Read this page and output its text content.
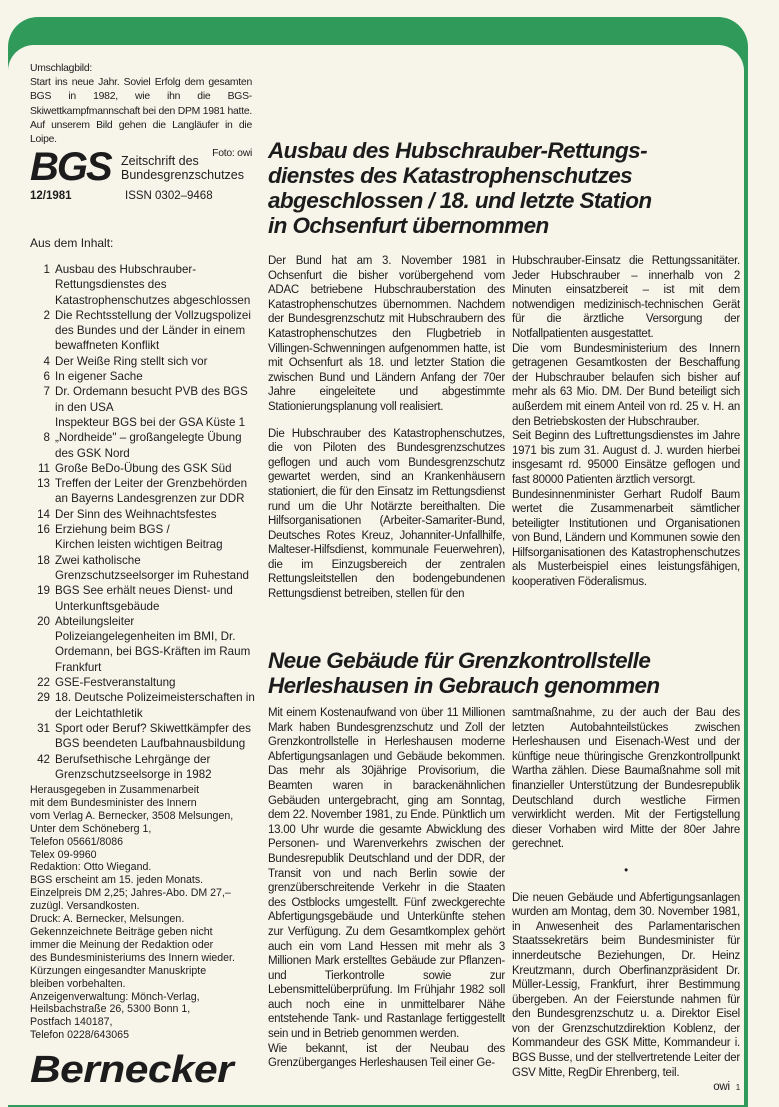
Umschlagbild:
Start ins neue Jahr. Soviel Erfolg dem gesamten BGS in 1982, wie ihn die BGS-Skiwettkampfmannschaft bei den DPM 1981 hatte. Auf unserem Bild gehen die Langläufer in die Loipe.
Foto: owi
BGS Zeitschrift des Bundesgrenzschutzes
12/1981	ISSN 0302–9468
Aus dem Inhalt:
1 Ausbau des Hubschrauber-Rettungsdienstes des Katastrophenschutzes abgeschlossen
2 Die Rechtsstellung der Vollzugspolizei des Bundes und der Länder in einem bewaffneten Konflikt
4 Der Weiße Ring stellt sich vor
6 In eigener Sache
7 Dr. Ordemann besucht PVB des BGS in den USA
Inspekteur BGS bei der GSA Küste 1
8 „Nordheide" – großangelegte Übung des GSK Nord
11 Große BeDo-Übung des GSK Süd
13 Treffen der Leiter der Grenzbehörden an Bayerns Landesgrenzen zur DDR
14 Der Sinn des Weihnachtsfestes
16 Erziehung beim BGS /
Kirchen leisten wichtigen Beitrag
18 Zwei katholische Grenzschutzseelsorger im Ruhestand
19 BGS See erhält neues Dienst- und Unterkunftsgebäude
20 Abteilungsleiter Polizeiangelegenheiten im BMI, Dr. Ordemann, bei BGS-Kräften im Raum Frankfurt
22 GSE-Festveranstaltung
29 18. Deutsche Polizeimeisterschaften in der Leichtathletik
31 Sport oder Beruf? Skiwettkämpfer des BGS beendeten Laufbahnausbildung
42 Berufsethische Lehrgänge der Grenzschutzseelsorge in 1982
Herausgegeben in Zusammenarbeit
mit dem Bundesminister des Innern
vom Verlag A. Bernecker, 3508 Melsungen,
Unter dem Schöneberg 1,
Telefon 05661/8086
Telex 09-9960
Redaktion: Otto Wiegand.
BGS erscheint am 15. jeden Monats.
Einzelpreis DM 2,25; Jahres-Abo. DM 27,–
zuzügl. Versandkosten.
Druck: A. Bernecker, Melsungen.
Gekennzeichnete Beiträge geben nicht
immer die Meinung der Redaktion oder
des Bundesministeriums des Innern wieder.
Kürzungen eingesandter Manuskripte
bleiben vorbehalten.
Anzeigenverwaltung: Mönch-Verlag,
Heilsbachstraße 26, 5300 Bonn 1,
Postfach 140187,
Telefon 0228/643065
Bernecker
Ausbau des Hubschrauber-Rettungs-
dienstes des Katastrophenschutzes
abgeschlossen / 18. und letzte Station
in Ochsenfurt übernommen

Der Bund hat am 3. November 1981 in Ochsenfurt die bisher vorübergehend vom ADAC betriebene Hubschrauberstation des Katastrophenschutzes übernommen. Nachdem der Bundesgrenzschutz mit Hubschraubern des Katastrophenschutzes den Flugbetrieb in Villingen-Schwenningen aufgenommen hatte, ist mit Ochsenfurt als 18. und letzter Station die zwischen Bund und Ländern Anfang der 70er Jahre eingeleitete und abgestimmte Stationierungsplanung voll realisiert.

Die Hubschrauber des Katastrophenschutzes, die von Piloten des Bundesgrenzschutzes geflogen und auch vom Bundesgrenzschutz gewartet werden, sind an Krankenhäusern stationiert, die für den Einsatz im Rettungsdienst rund um die Uhr Notärzte bereithalten. Die Hilfsorganisationen (Arbeiter-Samariter-Bund, Deutsches Rotes Kreuz, Johanniter-Unfallhilfe, Malteser-Hilfsdienst, kommunale Feuerwehren), die im Einzugsbereich der zentralen Rettungsleitstellen den bodengebundenen Rettungsdienst betreiben, stellen für den

Hubschrauber-Einsatz die Rettungssanitäter. Jeder Hubschrauber – innerhalb von 2 Minuten einsatzbereit – ist mit dem notwendigen medizinisch-technischen Gerät für die ärztliche Versorgung der Notfallpatienten ausgestattet.

Die vom Bundesministerium des Innern getragenen Gesamtkosten der Beschaffung der Hubschrauber belaufen sich bisher auf mehr als 63 Mio. DM. Der Bund beteiligt sich außerdem mit einem Anteil von rd. 25 v. H. an den Betriebskosten der Hubschrauber.

Seit Beginn des Luftrettungsdienstes im Jahre 1971 bis zum 31. August d. J. wurden hierbei insgesamt rd. 95000 Einsätze geflogen und fast 80000 Patienten ärztlich versorgt.

Bundesinnenminister Gerhart Rudolf Baum wertet die Zusammenarbeit sämtlicher beteiligter Institutionen und Organisationen von Bund, Ländern und Kommunen sowie den Hilfsorganisationen des Katastrophenschutzes als Musterbeispiel eines leistungsfähigen, kooperativen Föderalismus.

Neue Gebäude für Grenzkontrollstelle
Herleshausen in Gebrauch genommen

Mit einem Kostenaufwand von über 11 Millionen Mark haben Bundesgrenzschutz und Zoll der Grenzkontrollstelle in Herleshausen moderne Abfertigungsanlagen und Gebäude bekommen. Das mehr als 30jährige Provisorium, die Beamten waren in barackenähnlichen Gebäuden untergebracht, ging am Sonntag, dem 22. November 1981, zu Ende. Pünktlich um 13.00 Uhr wurde die gesamte Abwicklung des Personen- und Warenverkehrs zwischen der Bundesrepublik Deutschland und der DDR, der Transit von und nach Berlin sowie der grenzüberschreitende Verkehr in die Staaten des Ostblocks umgestellt. Fünf zweckgerechte Abfertigungsgebäude und Unterkünfte stehen zur Verfügung. Zu dem Gesamtkomplex gehört auch ein vom Land Hessen mit mehr als 3 Millionen Mark erstelltes Gebäude zur Pflanzen- und Tierkontrolle sowie zur Lebensmittelüberprüfung. Im Frühjahr 1982 soll auch noch eine in unmittelbarer Nähe entstehende Tank- und Rastanlage fertiggestellt sein und in Betrieb genommen werden.

Wie bekannt, ist der Neubau des Grenzüberganges Herleshausen Teil einer Ge-

samtmaßnahme, zu der auch der Bau des letzten Autobahnteilstückes zwischen Herleshausen und Eisenach-West und der künftige neue thüringische Grenzkontrollpunkt Wartha zählen. Diese Baumaßnahme soll mit finanzieller Unterstützung der Bundesrepublik Deutschland durch westliche Firmen verwirklicht werden. Mit der Fertigstellung dieser Vorhaben wird Mitte der 80er Jahre gerechnet.

•

Die neuen Gebäude und Abfertigungsanlagen wurden am Montag, dem 30. November 1981, in Anwesenheit des Parlamentarischen Staatssekretärs beim Bundesminister für innerdeutsche Beziehungen, Dr. Heinz Kreutzmann, durch Oberfinanzpräsident Dr. Müller-Lessig, Frankfurt, ihrer Bestimmung übergeben. An der Feierstunde nahmen für den Bundesgrenzschutz u. a. Direktor Eisel von der Grenzschutzdirektion Koblenz, der Kommandeur des GSK Mitte, Kommandeur i. BGS Busse, und der stellvertretende Leiter der GSV Mitte, RegDir Ehrenberg, teil.

owi 1
